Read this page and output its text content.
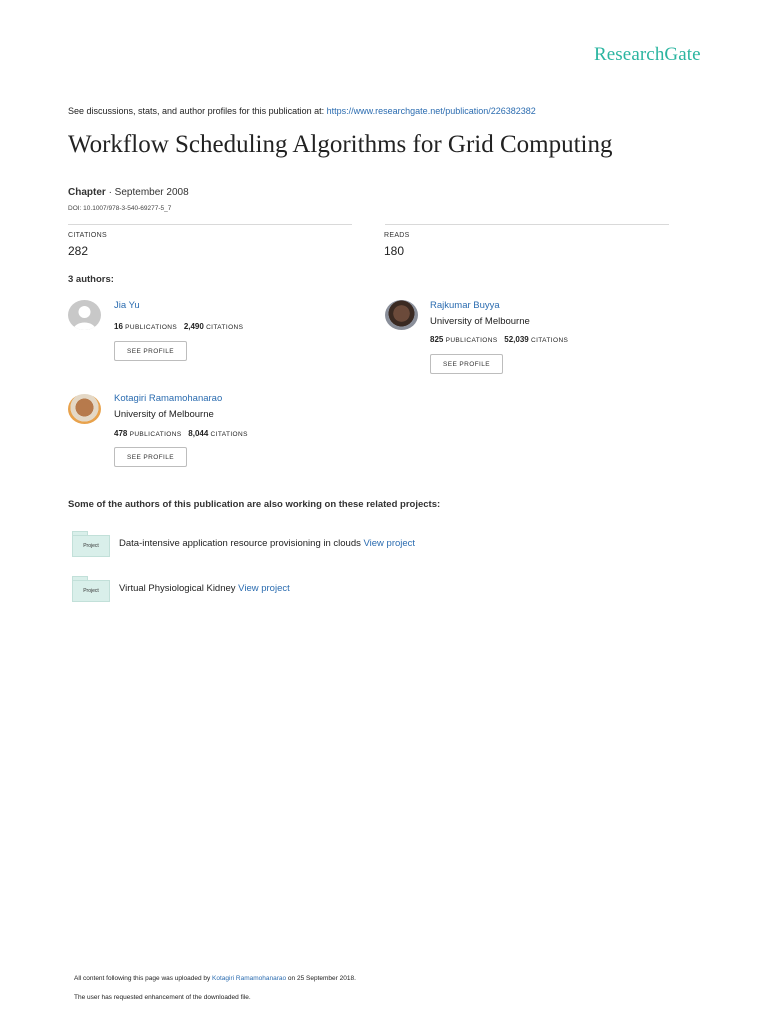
ResearchGate
See discussions, stats, and author profiles for this publication at: https://www.researchgate.net/publication/226382382
Workflow Scheduling Algorithms for Grid Computing
Chapter · September 2008
DOI: 10.1007/978-3-540-69277-5_7
CITATIONS
282
READS
180
3 authors:
Jia Yu
16 PUBLICATIONS 2,490 CITATIONS
SEE PROFILE
Rajkumar Buyya
University of Melbourne
825 PUBLICATIONS 52,039 CITATIONS
SEE PROFILE
Kotagiri Ramamohanarao
University of Melbourne
478 PUBLICATIONS 8,044 CITATIONS
SEE PROFILE
Some of the authors of this publication are also working on these related projects:
Project	Data-intensive application resource provisioning in clouds View project
Project	Virtual Physiological Kidney View project
All content following this page was uploaded by Kotagiri Ramamohanarao on 25 September 2018.
The user has requested enhancement of the downloaded file.
